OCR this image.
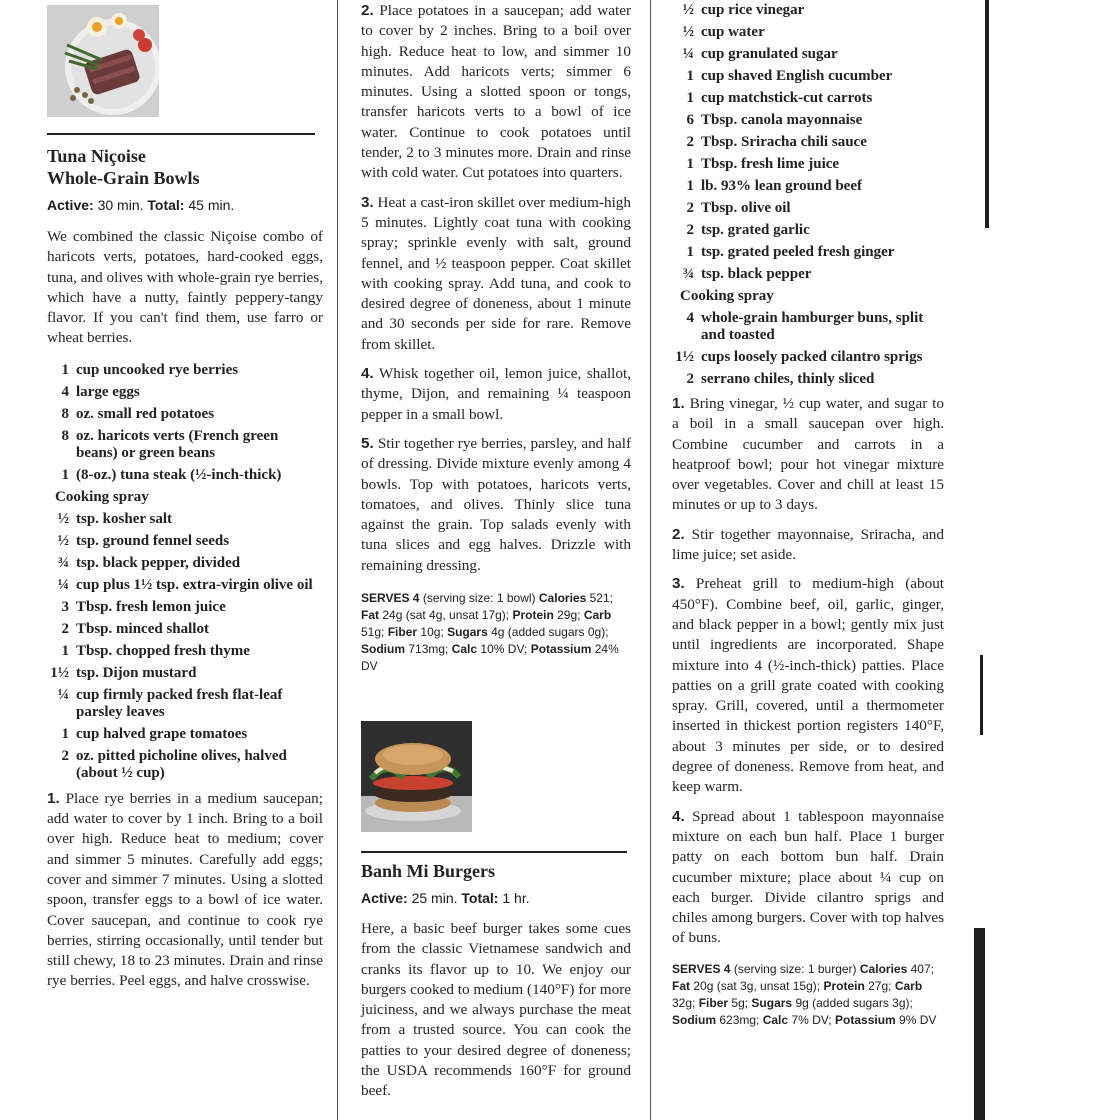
Tuna Niçoise
Whole-Grain Bowls
Active: 30 min. Total: 45 min.

We combined the classic Niçoise combo of haricots verts, potatoes, hard-cooked eggs, tuna, and olives with whole-grain rye berries, which have a nutty, faintly peppery-tangy flavor. If you can't find them, use farro or wheat berries.

1 cup uncooked rye berries
4 large eggs
8 oz. small red potatoes
8 oz. haricots verts (French green beans) or green beans
1 (8-oz.) tuna steak (½-inch-thick)
Cooking spray
½ tsp. kosher salt
½ tsp. ground fennel seeds
¾ tsp. black pepper, divided
¼ cup plus 1½ tsp. extra-virgin olive oil
3 Tbsp. fresh lemon juice
2 Tbsp. minced shallot
1 Tbsp. chopped fresh thyme
1½ tsp. Dijon mustard
¼ cup firmly packed fresh flat-leaf parsley leaves
1 cup halved grape tomatoes
2 oz. pitted picholine olives, halved (about ½ cup)
1. Place rye berries in a medium saucepan; add water to cover by 1 inch. Bring to a boil over high. Reduce heat to medium; cover and simmer 5 minutes. Carefully add eggs; cover and simmer 7 minutes. Using a slotted spoon, transfer eggs to a bowl of ice water. Cover saucepan, and continue to cook rye berries, stirring occasionally, until tender but still chewy, 18 to 23 minutes. Drain and rinse rye berries. Peel eggs, and halve crosswise.
2. Place potatoes in a saucepan; add water to cover by 2 inches. Bring to a boil over high. Reduce heat to low, and simmer 10 minutes. Add haricots verts; simmer 6 minutes. Using a slotted spoon or tongs, transfer haricots verts to a bowl of ice water. Continue to cook potatoes until tender, 2 to 3 minutes more. Drain and rinse with cold water. Cut potatoes into quarters.
3. Heat a cast-iron skillet over medium-high 5 minutes. Lightly coat tuna with cooking spray; sprinkle evenly with salt, ground fennel, and ½ teaspoon pepper. Coat skillet with cooking spray. Add tuna, and cook to desired degree of doneness, about 1 minute and 30 seconds per side for rare. Remove from skillet.
4. Whisk together oil, lemon juice, shallot, thyme, Dijon, and remaining ¼ teaspoon pepper in a small bowl.
5. Stir together rye berries, parsley, and half of dressing. Divide mixture evenly among 4 bowls. Top with potatoes, haricots verts, tomatoes, and olives. Thinly slice tuna against the grain. Top salads evenly with tuna slices and egg halves. Drizzle with remaining dressing.
SERVES 4 (serving size: 1 bowl) Calories 521; Fat 24g (sat 4g, unsat 17g); Protein 29g; Carb 51g; Fiber 10g; Sugars 4g (added sugars 0g); Sodium 713mg; Calc 10% DV; Potassium 24% DV
Banh Mi Burgers
Active: 25 min. Total: 1 hr.

Here, a basic beef burger takes some cues from the classic Vietnamese sandwich and cranks its flavor up to 10. We enjoy our burgers cooked to medium (140°F) for more juiciness, and we always purchase the meat from a trusted source. You can cook the patties to your desired degree of doneness; the USDA recommends 160°F for ground beef.

½ cup rice vinegar
½ cup water
¼ cup granulated sugar
1 cup shaved English cucumber
1 cup matchstick-cut carrots
6 Tbsp. canola mayonnaise
2 Tbsp. Sriracha chili sauce
1 Tbsp. fresh lime juice
1 lb. 93% lean ground beef
2 Tbsp. olive oil
2 tsp. grated garlic
1 tsp. grated peeled fresh ginger
¾ tsp. black pepper
Cooking spray
4 whole-grain hamburger buns, split and toasted
1½ cups loosely packed cilantro sprigs
2 serrano chiles, thinly sliced
1. Bring vinegar, ½ cup water, and sugar to a boil in a small saucepan over high. Combine cucumber and carrots in a heatproof bowl; pour hot vinegar mixture over vegetables. Cover and chill at least 15 minutes or up to 3 days.
2. Stir together mayonnaise, Sriracha, and lime juice; set aside.
3. Preheat grill to medium-high (about 450°F). Combine beef, oil, garlic, ginger, and black pepper in a bowl; gently mix just until ingredients are incorporated. Shape mixture into 4 (½-inch-thick) patties. Place patties on a grill grate coated with cooking spray. Grill, covered, until a thermometer inserted in thickest portion registers 140°F, about 3 minutes per side, or to desired degree of doneness. Remove from heat, and keep warm.
4. Spread about 1 tablespoon mayonnaise mixture on each bun half. Place 1 burger patty on each bottom bun half. Drain cucumber mixture; place about ¼ cup on each burger. Divide cilantro sprigs and chiles among burgers. Cover with top halves of buns.
SERVES 4 (serving size: 1 burger) Calories 407; Fat 20g (sat 3g, unsat 15g); Protein 27g; Carb 32g; Fiber 5g; Sugars 9g (added sugars 3g); Sodium 623mg; Calc 7% DV; Potassium 9% DV
